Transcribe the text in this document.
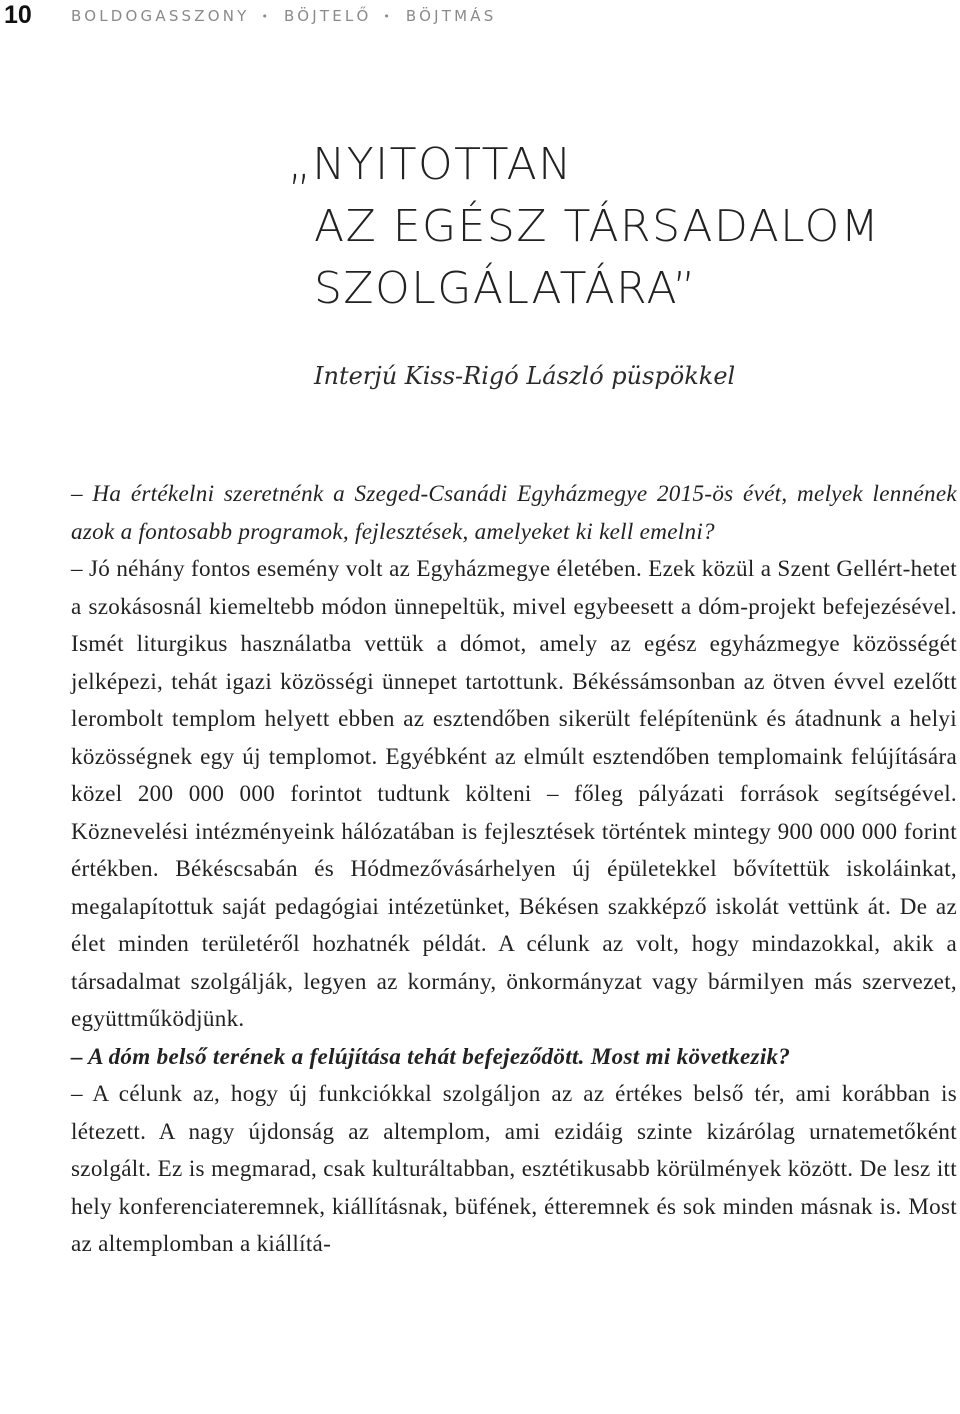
10	BOLDOGASSZONY • BÖJTELŐ • BÖJTMÁS
„NYITOTTAN
AZ EGÉSZ TÁRSADALOM
SZOLGÁLATÁRA”
Interjú Kiss-Rigó László püspökkel

– Ha értékelni szeretnénk a Szeged-Csanádi Egyházmegye 2015-ös évét, melyek lennének azok a fontosabb programok, fejlesztések, amelyeket ki kell emelni?

– Jó néhány fontos esemény volt az Egyházmegye életében. Ezek közül a Szent Gellért-hetet a szokásosnál kiemeltebb módon ünnepeltük, mivel egybeesett a dóm-projekt befejezésével. Ismét liturgikus használatba vettük a dómot, amely az egész egyházmegye közösségét jelképezi, tehát igazi közösségi ünnepet tartottunk. Békéssámsonban az ötven évvel ezelőtt lerombolt templom helyett ebben az esztendőben sikerült felépítenünk és átadnunk a helyi közösségnek egy új templomot. Egyébként az elmúlt esztendőben templomaink felújítására közel 200 000 000 forintot tudtunk költeni – főleg pályázati források segítségével. Köznevelési intézményeink hálózatában is fejlesztések történtek mintegy 900 000 000 forint értékben. Békéscsabán és Hódmezővásárhelyen új épületekkel bővítettük iskoláinkat, megalapítottuk saját pedagógiai intézetünket, Békésen szakképző iskolát vettünk át. De az élet minden területéről hozhatnék példát. A célunk az volt, hogy mindazokkal, akik a társadalmat szolgálják, legyen az kormány, önkormányzat vagy bármilyen más szervezet, együttműködjünk.

– A dóm belső terének a felújítása tehát befejeződött. Most mi következik?

– A célunk az, hogy új funkciókkal szolgáljon az az értékes belső tér, ami korábban is létezett. A nagy újdonság az altemplom, ami ezidáig szinte kizárólag urnatemetőként szolgált. Ez is megmarad, csak kulturáltabban, esztétikusabb körülmények között. De lesz itt hely konferenciateremnek, kiállításnak, büfének, étteremnek és sok minden másnak is. Most az altemplomban a kiállítá-
